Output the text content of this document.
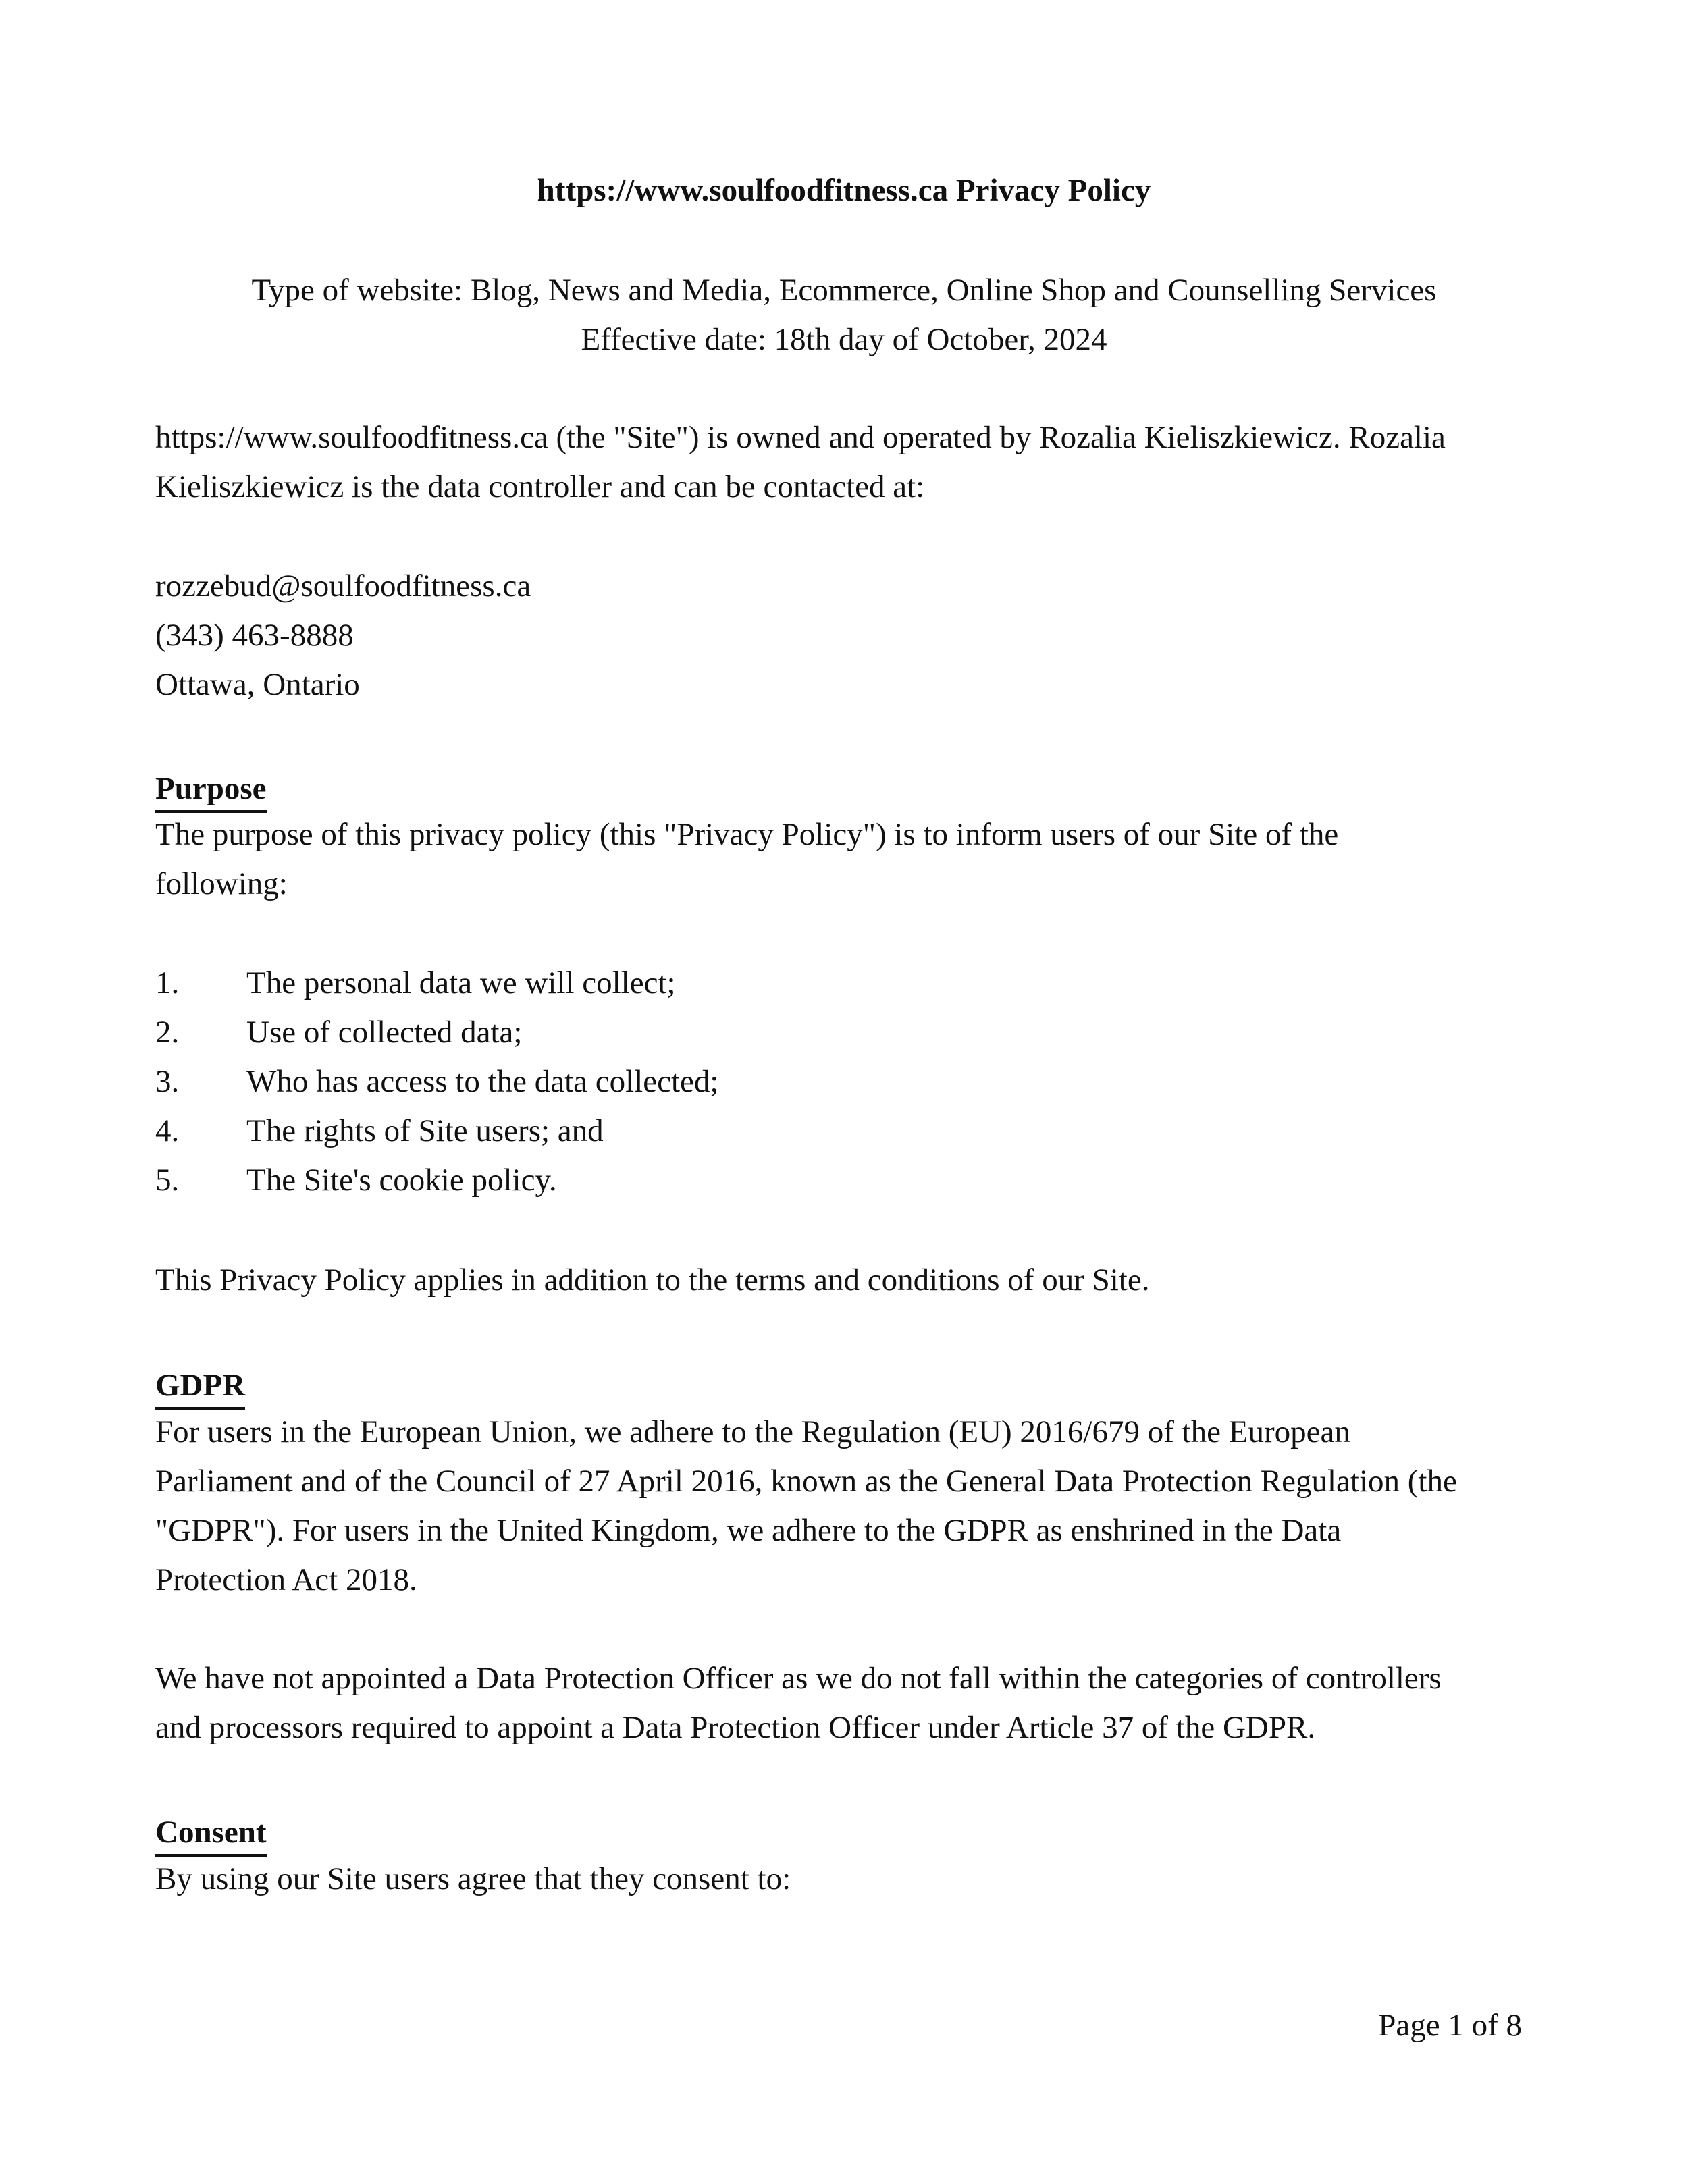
https://www.soulfoodfitness.ca Privacy Policy

Type of website: Blog, News and Media, Ecommerce, Online Shop and Counselling Services

Effective date: 18th day of October, 2024

https://www.soulfoodfitness.ca (the "Site") is owned and operated by Rozalia Kieliszkiewicz. Rozalia
Kieliszkiewicz is the data controller and can be contacted at:
rozzebud@soulfoodfitness.ca
(343) 463-8888
Ottawa, Ontario
Purpose
The purpose of this privacy policy (this "Privacy Policy") is to inform users of our Site of the
following:
1.	The personal data we will collect;
2.	Use of collected data;
3.	Who has access to the data collected;
4.	The rights of Site users; and
5.	The Site's cookie policy.
This Privacy Policy applies in addition to the terms and conditions of our Site.
GDPR
For users in the European Union, we adhere to the Regulation (EU) 2016/679 of the European
Parliament and of the Council of 27 April 2016, known as the General Data Protection Regulation (the
"GDPR"). For users in the United Kingdom, we adhere to the GDPR as enshrined in the Data
Protection Act 2018.
We have not appointed a Data Protection Officer as we do not fall within the categories of controllers
and processors required to appoint a Data Protection Officer under Article 37 of the GDPR.
Consent
By using our Site users agree that they consent to:

Page 1 of 8
